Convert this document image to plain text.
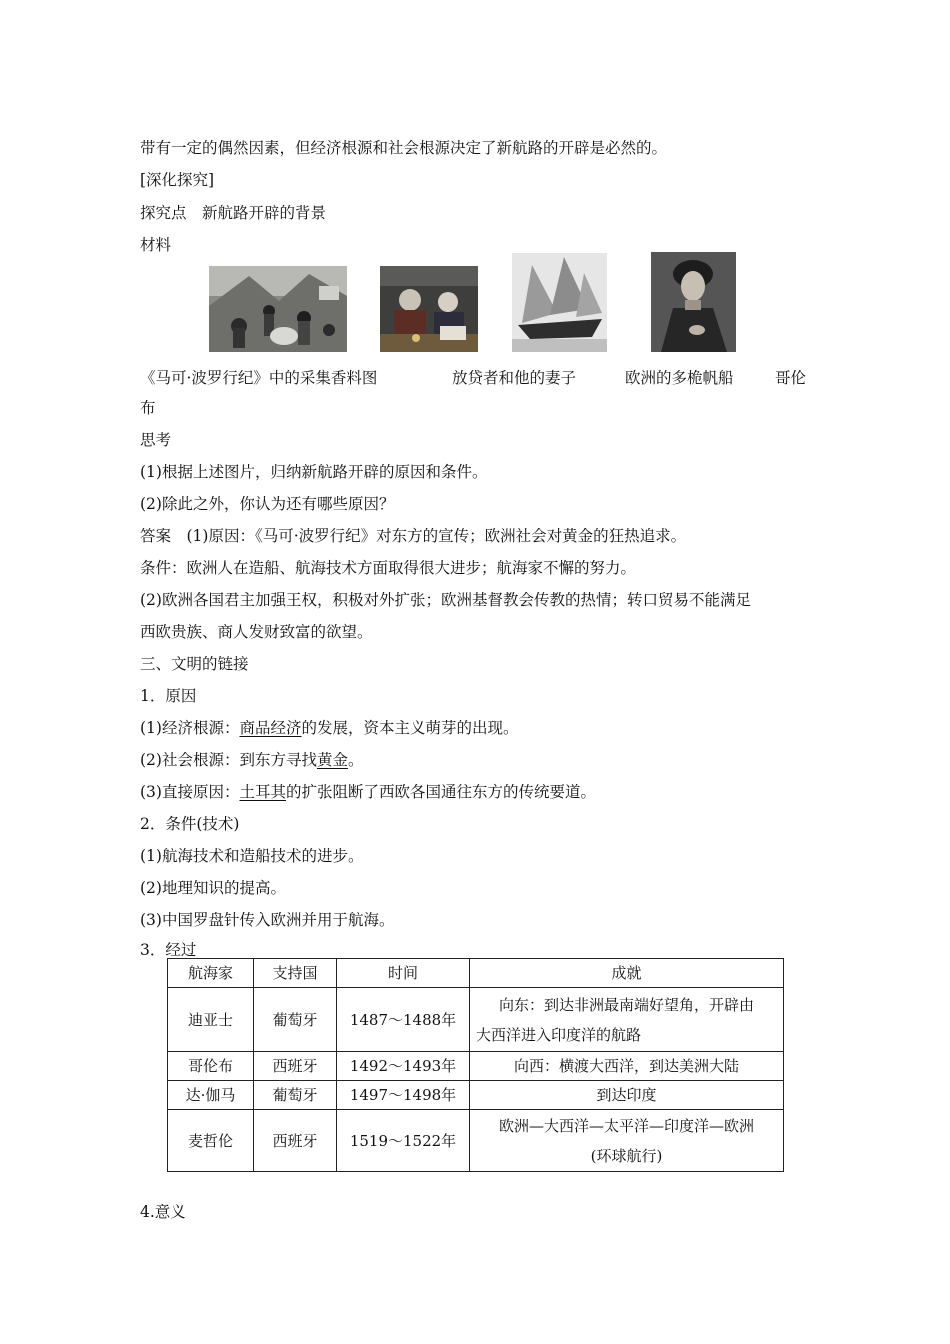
带有一定的偶然因素，但经济根源和社会根源决定了新航路的开辟是必然的。
[深化探究]
探究点　新航路开辟的背景
材料
《马可·波罗行纪》中的采集香料图	放贷者和他的妻子	欧洲的多桅帆船	哥伦
布
思考
(1)根据上述图片，归纳新航路开辟的原因和条件。
(2)除此之外，你认为还有哪些原因？
答案　(1)原因：《马可·波罗行纪》对东方的宣传；欧洲社会对黄金的狂热追求。
条件：欧洲人在造船、航海技术方面取得很大进步；航海家不懈的努力。
(2)欧洲各国君主加强王权，积极对外扩张；欧洲基督教会传教的热情；转口贸易不能满足
西欧贵族、商人发财致富的欲望。
三、文明的链接
1．原因
(1)经济根源：商品经济的发展，资本主义萌芽的出现。
(2)社会根源：到东方寻找黄金。
(3)直接原因：土耳其的扩张阻断了西欧各国通往东方的传统要道。
2．条件(技术)
(1)航海技术和造船技术的进步。
(2)地理知识的提高。
(3)中国罗盘针传入欧洲并用于航海。
3．经过
航海家	支持国	时间	成就
迪亚士	葡萄牙	1487～1488年	向东：到达非洲最南端好望角，开辟由
大西洋进入印度洋的航路

哥伦布	西班牙	1492～1493年	向西：横渡大西洋，到达美洲大陆
达·伽马	葡萄牙	1497～1498年	到达印度
麦哲伦	西班牙	1519～1522年	欧洲—大西洋—太平洋—印度洋—欧洲
(环球航行)
4.意义
